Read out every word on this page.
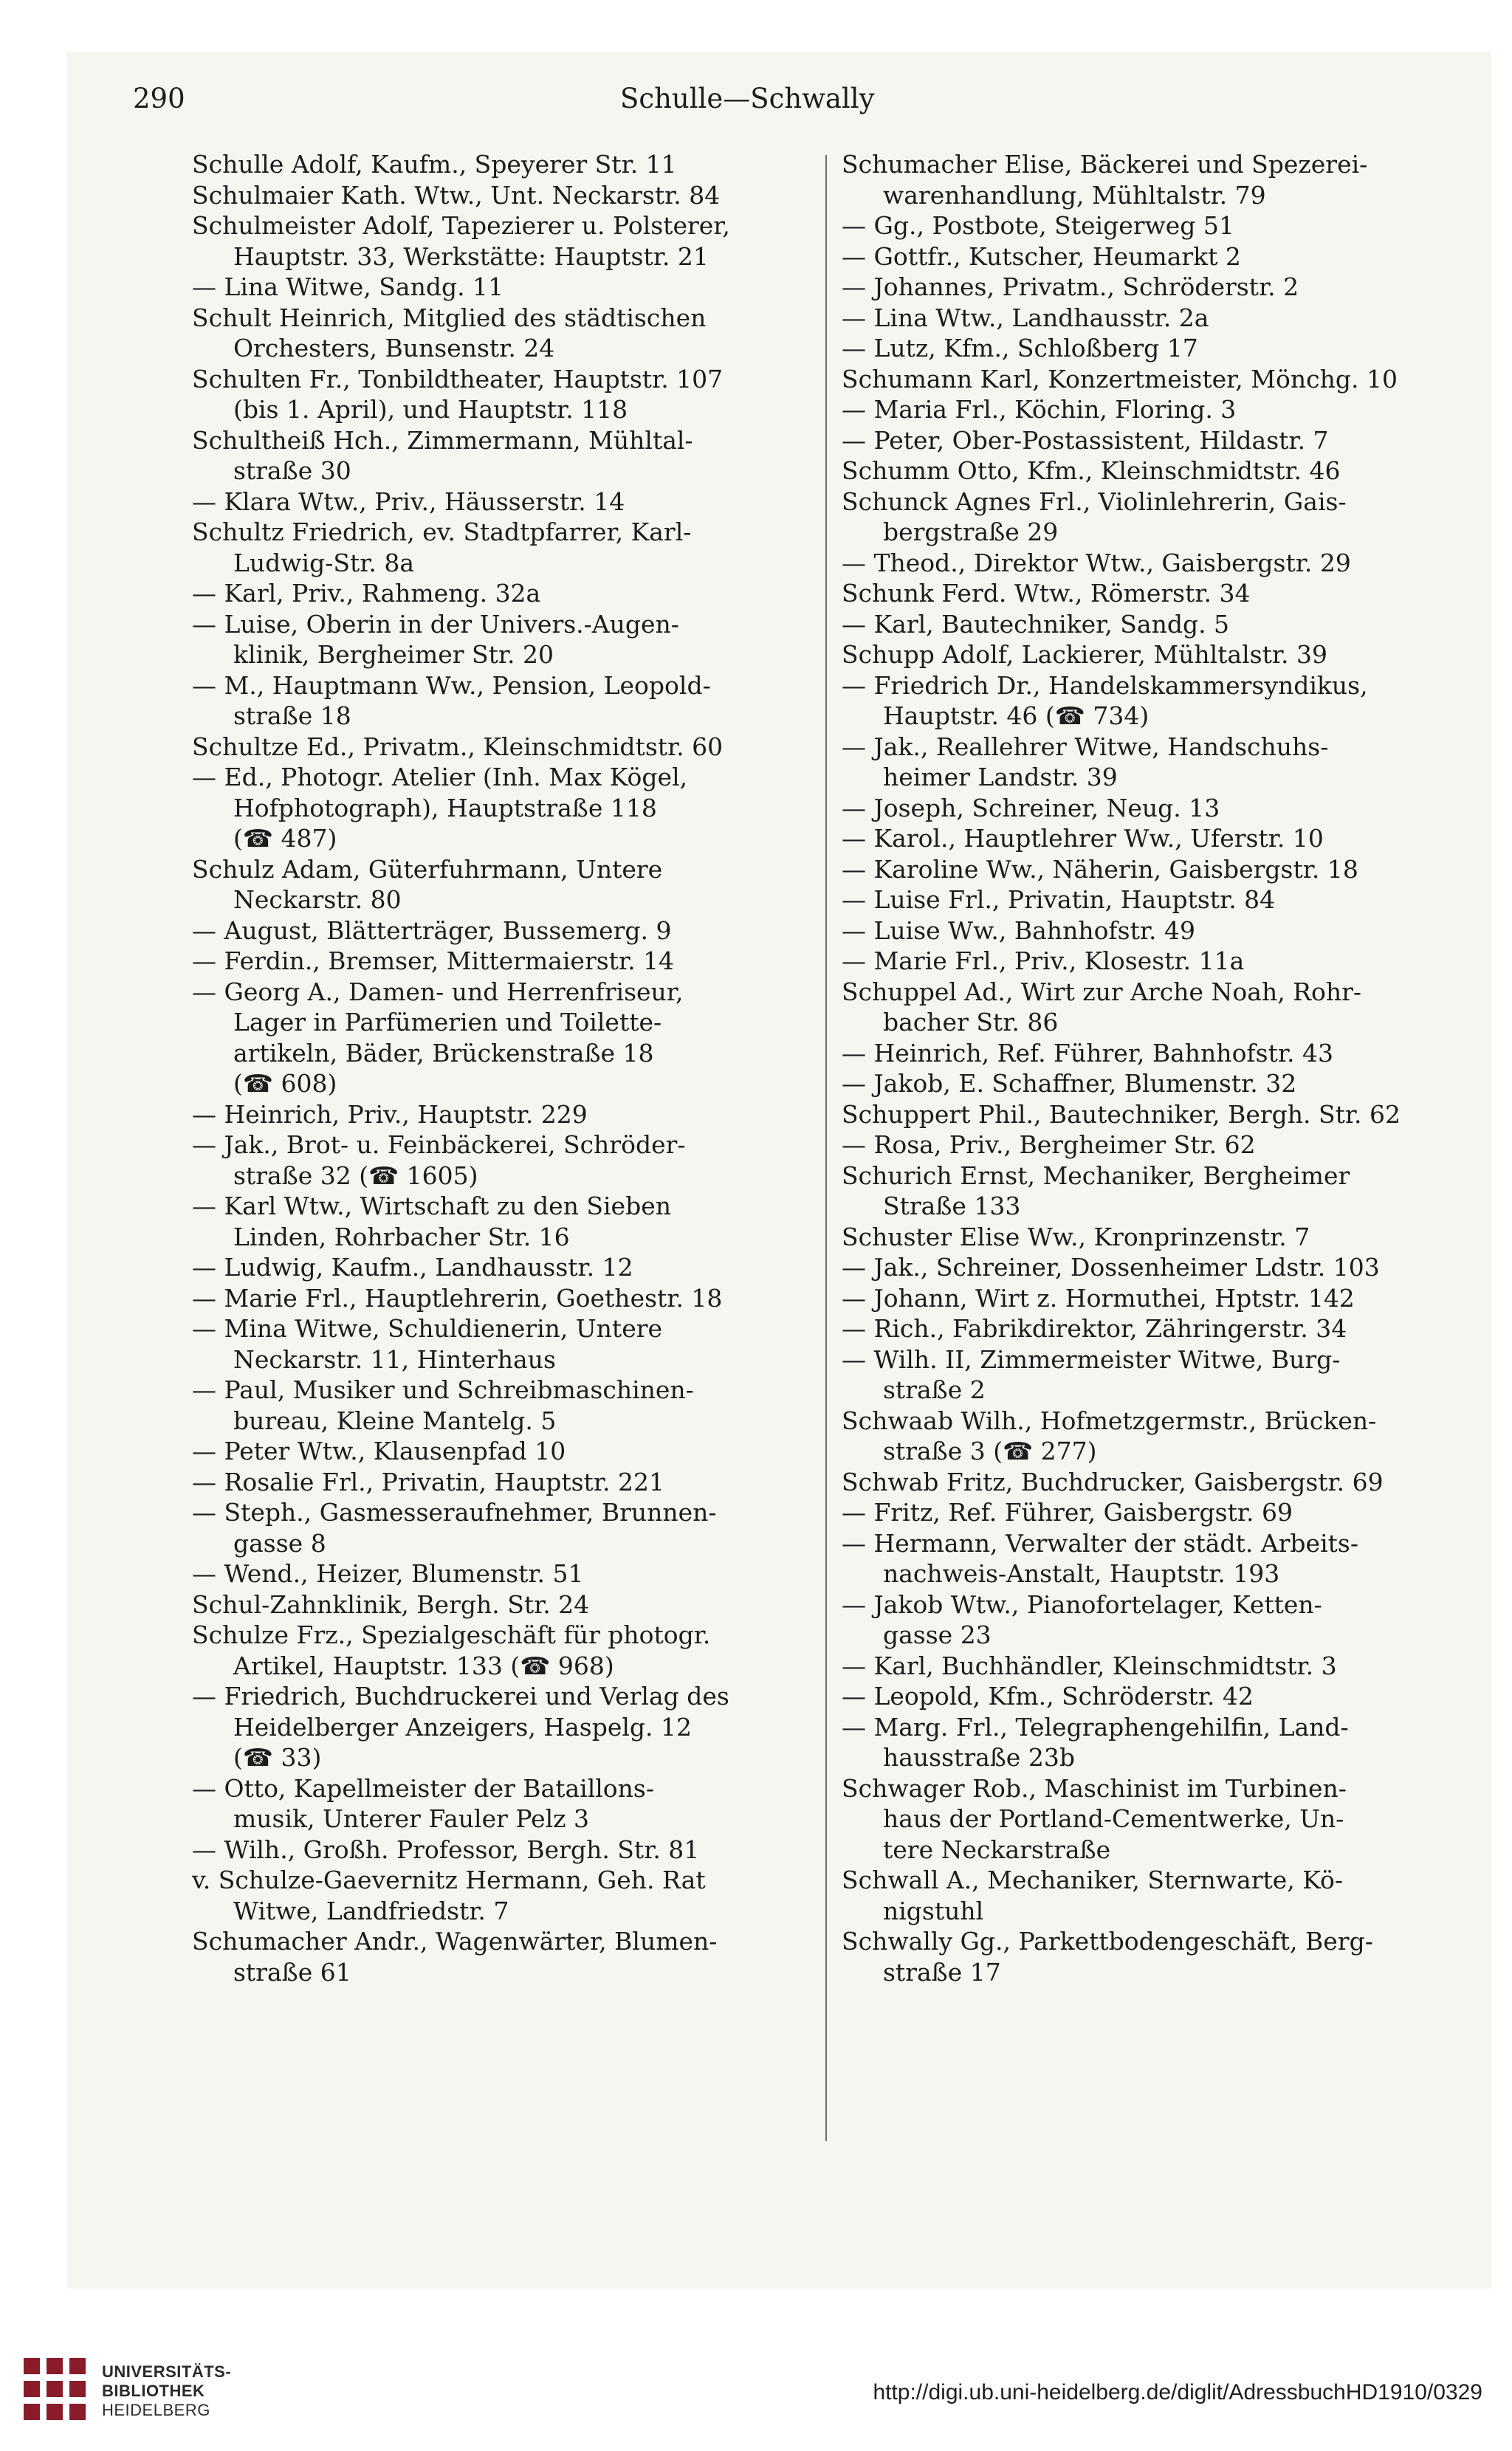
290	Schulle—Schwally
Schulle Adolf, Kaufm., Speyerer Str. 11
Schulmaier Kath. Wtw., Unt. Neckarstr. 84
Schulmeister Adolf, Tapezierer u. Polsterer,
Hauptstr. 33, Werkstätte: Hauptstr. 21
— Lina Witwe, Sandg. 11
Schult Heinrich, Mitglied des städtischen
Orchesters, Bunsenstr. 24
Schulten Fr., Tonbildtheater, Hauptstr. 107
(bis 1. April), und Hauptstr. 118
Schultheiß Hch., Zimmermann, Mühltal-
straße 30
— Klara Wtw., Priv., Häusserstr. 14
Schultz Friedrich, ev. Stadtpfarrer, Karl-
Ludwig-Str. 8a
— Karl, Priv., Rahmeng. 32a
— Luise, Oberin in der Univers.-Augen-
klinik, Bergheimer Str. 20
— M., Hauptmann Ww., Pension, Leopold-
straße 18
Schultze Ed., Privatm., Kleinschmidtstr. 60
— Ed., Photogr. Atelier (Inh. Max Kögel,
Hofphotograph), Hauptstraße 118
(☎ 487)
Schulz Adam, Güterfuhrmann, Untere
Neckarstr. 80
— August, Blätterträger, Bussemerg. 9
— Ferdin., Bremser, Mittermaierstr. 14
— Georg A., Damen- und Herrenfriseur,
Lager in Parfümerien und Toilette-
artikeln, Bäder, Brückenstraße 18
(☎ 608)
— Heinrich, Priv., Hauptstr. 229
— Jak., Brot- u. Feinbäckerei, Schröder-
straße 32 (☎ 1605)
— Karl Wtw., Wirtschaft zu den Sieben
Linden, Rohrbacher Str. 16
— Ludwig, Kaufm., Landhausstr. 12
— Marie Frl., Hauptlehrerin, Goethestr. 18
— Mina Witwe, Schuldienerin, Untere
Neckarstr. 11, Hinterhaus
— Paul, Musiker und Schreibmaschinen-
bureau, Kleine Mantelg. 5
— Peter Wtw., Klausenpfad 10
— Rosalie Frl., Privatin, Hauptstr. 221
— Steph., Gasmesseraufnehmer, Brunnen-
gasse 8
— Wend., Heizer, Blumenstr. 51
Schul-Zahnklinik, Bergh. Str. 24
Schulze Frz., Spezialgeschäft für photogr.
Artikel, Hauptstr. 133 (☎ 968)
— Friedrich, Buchdruckerei und Verlag des
Heidelberger Anzeigers, Haspelg. 12
(☎ 33)
— Otto, Kapellmeister der Bataillons-
musik, Unterer Fauler Pelz 3
— Wilh., Großh. Professor, Bergh. Str. 81
v. Schulze-Gaevernitz Hermann, Geh. Rat
Witwe, Landfriedstr. 7
Schumacher Andr., Wagenwärter, Blumen-
straße 61
Schumacher Elise, Bäckerei und Spezerei-
warenhandlung, Mühltalstr. 79
— Gg., Postbote, Steigerweg 51
— Gottfr., Kutscher, Heumarkt 2
— Johannes, Privatm., Schröderstr. 2
— Lina Wtw., Landhausstr. 2a
— Lutz, Kfm., Schloßberg 17
Schumann Karl, Konzertmeister, Mönchg. 10
— Maria Frl., Köchin, Floring. 3
— Peter, Ober-Postassistent, Hildastr. 7
Schumm Otto, Kfm., Kleinschmidtstr. 46
Schunck Agnes Frl., Violinlehrerin, Gais-
bergstraße 29
— Theod., Direktor Wtw., Gaisbergstr. 29
Schunk Ferd. Wtw., Römerstr. 34
— Karl, Bautechniker, Sandg. 5
Schupp Adolf, Lackierer, Mühltalstr. 39
— Friedrich Dr., Handelskammersyndikus,
Hauptstr. 46 (☎ 734)
— Jak., Reallehrer Witwe, Handschuhs-
heimer Landstr. 39
— Joseph, Schreiner, Neug. 13
— Karol., Hauptlehrer Ww., Uferstr. 10
— Karoline Ww., Näherin, Gaisbergstr. 18
— Luise Frl., Privatin, Hauptstr. 84
— Luise Ww., Bahnhofstr. 49
— Marie Frl., Priv., Klosestr. 11a
Schuppel Ad., Wirt zur Arche Noah, Rohr-
bacher Str. 86
— Heinrich, Ref. Führer, Bahnhofstr. 43
— Jakob, E. Schaffner, Blumenstr. 32
Schuppert Phil., Bautechniker, Bergh. Str. 62
— Rosa, Priv., Bergheimer Str. 62
Schurich Ernst, Mechaniker, Bergheimer
Straße 133
Schuster Elise Ww., Kronprinzenstr. 7
— Jak., Schreiner, Dossenheimer Ldstr. 103
— Johann, Wirt z. Hormuthei, Hptstr. 142
— Rich., Fabrikdirektor, Zähringerstr. 34
— Wilh. II, Zimmermeister Witwe, Burg-
straße 2
Schwaab Wilh., Hofmetzgermstr., Brücken-
straße 3 (☎ 277)
Schwab Fritz, Buchdrucker, Gaisbergstr. 69
— Fritz, Ref. Führer, Gaisbergstr. 69
— Hermann, Verwalter der städt. Arbeits-
nachweis-Anstalt, Hauptstr. 193
— Jakob Wtw., Pianofortelager, Ketten-
gasse 23
— Karl, Buchhändler, Kleinschmidtstr. 3
— Leopold, Kfm., Schröderstr. 42
— Marg. Frl., Telegraphengehilfin, Land-
hausstraße 23b
Schwager Rob., Maschinist im Turbinen-
haus der Portland-Cementwerke, Un-
tere Neckarstraße
Schwall A., Mechaniker, Sternwarte, Kö-
nigstuhl
Schwally Gg., Parkettbodengeschäft, Berg-
straße 17
UNIVERSITÄTS-
BIBLIOTHEK
HEIDELBERG
http://digi.ub.uni-heidelberg.de/diglit/AdressbuchHD1910/0329
